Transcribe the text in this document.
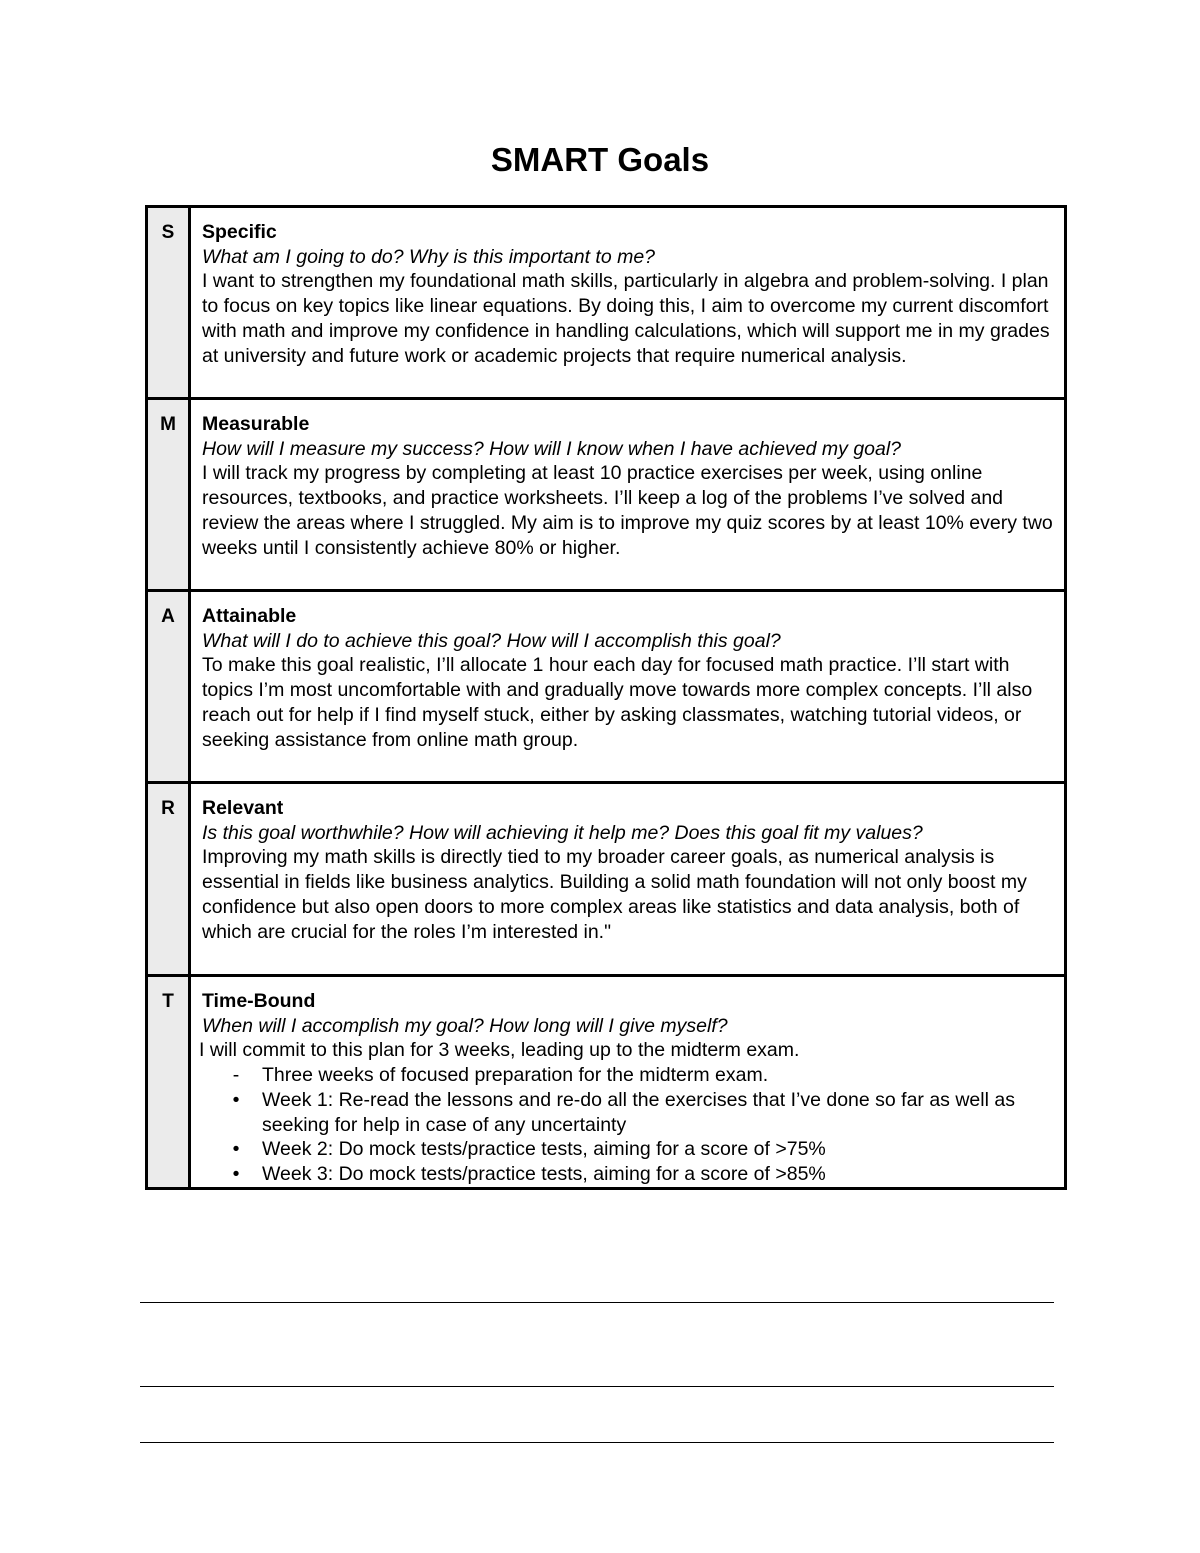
SMART Goals
S	Specific
What am I going to do? Why is this important to me?
I want to strengthen my foundational math skills, particularly in algebra and problem-solving. I plan to focus on key topics like linear equations. By doing this, I aim to overcome my current discomfort with math and improve my confidence in handling calculations, which will support me in my grades at university and future work or academic projects that require numerical analysis.
M	Measurable
How will I measure my success? How will I know when I have achieved my goal?
I will track my progress by completing at least 10 practice exercises per week, using online resources, textbooks, and practice worksheets. I’ll keep a log of the problems I’ve solved and review the areas where I struggled. My aim is to improve my quiz scores by at least 10% every two weeks until I consistently achieve 80% or higher.
A	Attainable
What will I do to achieve this goal? How will I accomplish this goal?
To make this goal realistic, I’ll allocate 1 hour each day for focused math practice. I’ll start with topics I’m most uncomfortable with and gradually move towards more complex concepts. I’ll also reach out for help if I find myself stuck, either by asking classmates, watching tutorial videos, or seeking assistance from online math group.
R	Relevant
Is this goal worthwhile? How will achieving it help me? Does this goal fit my values?
Improving my math skills is directly tied to my broader career goals, as numerical analysis is essential in fields like business analytics. Building a solid math foundation will not only boost my confidence but also open doors to more complex areas like statistics and data analysis, both of which are crucial for the roles I’m interested in."
T	Time-Bound
When will I accomplish my goal? How long will I give myself?
I will commit to this plan for 3 weeks, leading up to the midterm exam.
-	Three weeks of focused preparation for the midterm exam.
•	Week 1: Re-read the lessons and re-do all the exercises that I’ve done so far as well as seeking for help in case of any uncertainty
•	Week 2: Do mock tests/practice tests, aiming for a score of >75%
•	Week 3: Do mock tests/practice tests, aiming for a score of >85%
